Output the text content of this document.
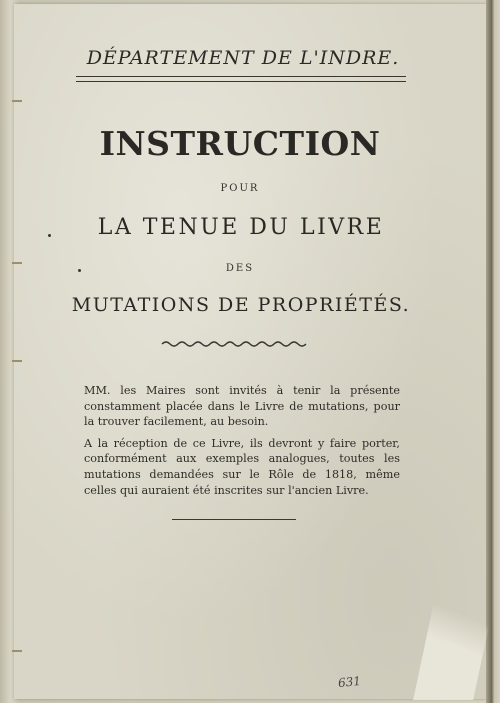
DÉPARTEMENT DE L'INDRE.
INSTRUCTION
POUR
LA TENUE DU LIVRE
DES
MUTATIONS DE PROPRIÉTÉS.

MM. les Maires sont invités à tenir la présente constamment placée dans le Livre de mutations, pour la trouver facilement, au besoin.

A la réception de ce Livre, ils devront y faire porter, conformément aux exemples analogues, toutes les mutations demandées sur le Rôle de 1818, même celles qui auraient été inscrites sur l'ancien Livre.

631
